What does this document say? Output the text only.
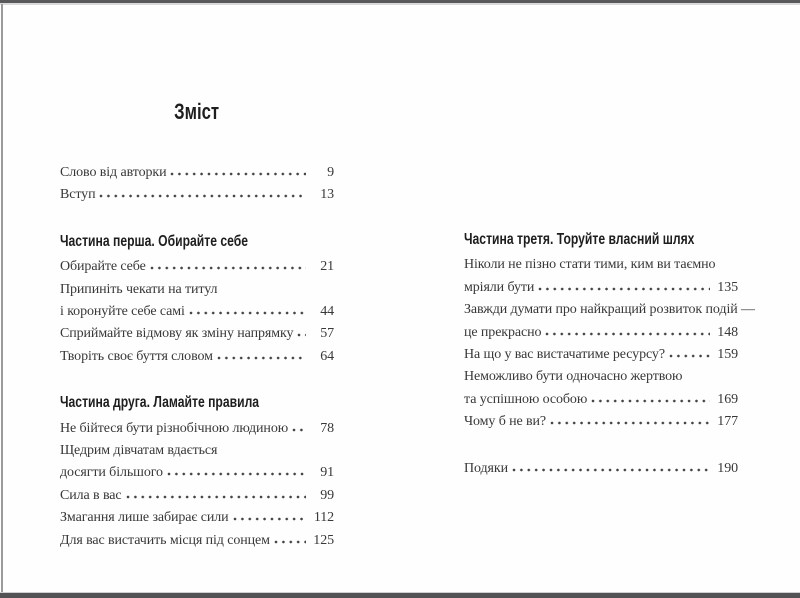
Зміст
Слово від авторки	9
Вступ	13
Частина перша. Обирайте себе
Обирайте себе	21
Припиніть чекати на титул
і коронуйте себе самі	44
Сприймайте відмову як зміну напрямку	57
Творіть своє буття словом	64
Частина друга. Ламайте правила
Не бійтеся бути різнобічною людиною	78
Щедрим дівчатам вдається
досягти більшого	91
Сила в вас	99
Змагання лише забирає сили	112
Для вас вистачить місця під сонцем	125
Частина третя. Торуйте власний шлях
Ніколи не пізно стати тими, ким ви таємно
мріяли бути	135
Завжди думати про найкращий розвиток подій —
це прекрасно	148
На що у вас вистачатиме ресурсу?	159
Неможливо бути одночасно жертвою
та успішною особою	169
Чому б не ви?	177
Подяки	190
